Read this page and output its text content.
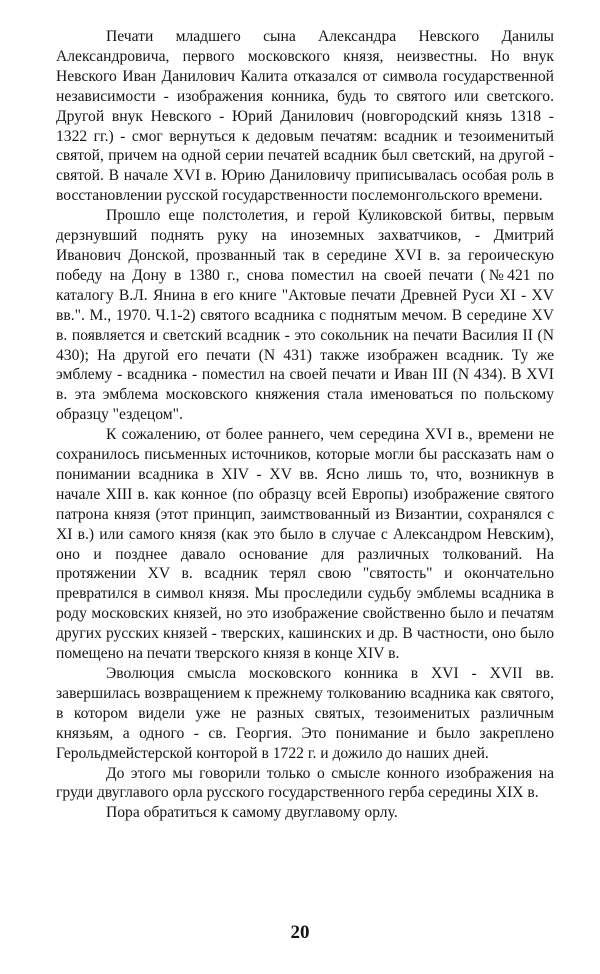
Печати младшего сына Александра Невского Данилы Александровича, первого московского князя, неизвестны. Но внук Невского Иван Данилович Калита отказался от символа государственной независимости - изображения конника, будь то святого или светского. Другой внук Невского - Юрий Данилович (новгородский князь 1318 - 1322 гг.) - смог вернуться к дедовым печатям: всадник и тезоименитый святой, причем на одной серии печатей всадник был светский, на другой - святой. В начале XVI в. Юрию Даниловичу приписывалась особая роль в восстановлении русской государственности послемонгольского времени.

Прошло еще полстолетия, и герой Куликовской битвы, первым дерзнувший поднять руку на иноземных захватчиков, - Дмитрий Иванович Донской, прозванный так в середине XVI в. за героическую победу на Дону в 1380 г., снова поместил на своей печати (№421 по каталогу В.Л. Янина в его книге "Актовые печати Древней Руси XI - XV вв.". М., 1970. Ч.1-2) святого всадника с поднятым мечом. В середине XV в. появляется и светский всадник - это сокольник на печати Василия II (N 430); На другой его печати (N 431) также изображен всадник. Ту же эмблему - всадника - поместил на своей печати и Иван III (N 434). В XVI в. эта эмблема московского княжения стала именоваться по польскому образцу "ездецом".

К сожалению, от более раннего, чем середина XVI в., времени не сохранилось письменных источников, которые могли бы рассказать нам о понимании всадника в XIV - XV вв. Ясно лишь то, что, возникнув в начале XIII в. как конное (по образцу всей Европы) изображение святого патрона князя (этот принцип, заимствованный из Византии, сохранялся с XI в.) или самого князя (как это было в случае с Александром Невским), оно и позднее давало основание для различных толкований. На протяжении XV в. всадник терял свою "святость" и окончательно превратился в символ князя. Мы проследили судьбу эмблемы всадника в роду московских князей, но это изображение свойственно было и печатям других русских князей - тверских, кашинских и др. В частности, оно было помещено на печати тверского князя в конце XIV в.

Эволюция смысла московского конника в XVI - XVII вв. завершилась возвращением к прежнему толкованию всадника как святого, в котором видели уже не разных святых, тезоименитых различным князьям, а одного - св. Георгия. Это понимание и было закреплено Герольдмейстерской конторой в 1722 г. и дожило до наших дней.

До этого мы говорили только о смысле конного изображения на груди двуглавого орла русского государственного герба середины XIX в.

Пора обратиться к самому двуглавому орлу.

20
